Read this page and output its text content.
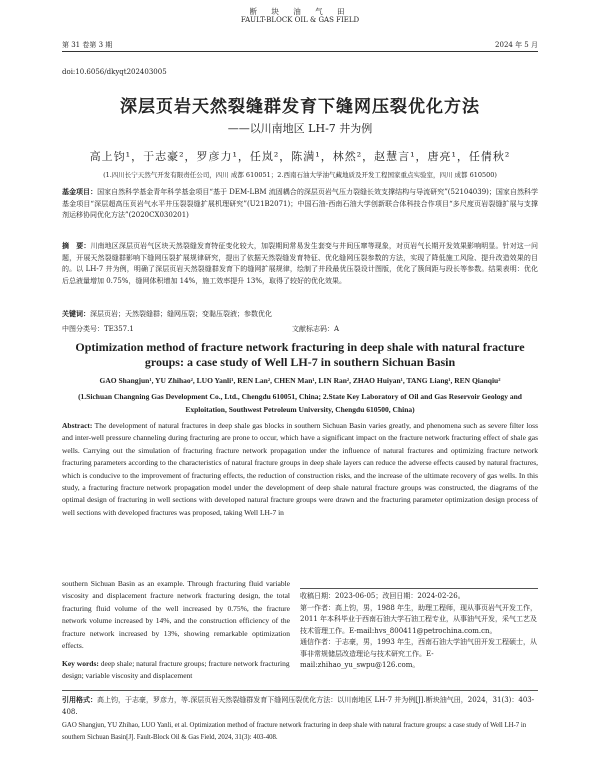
断 块 油 气 田
FAULT-BLOCK OIL & GAS FIELD
第 31 卷第 3 期	2024 年 5 月
doi:10.6056/dkyqt202403005
深层页岩天然裂缝群发育下缝网压裂优化方法
——以川南地区 LH-7 井为例
高上钧¹，于志豪²，罗彦力¹，任岚²，陈满¹，林然²，赵慧言¹，唐亮¹，任倩秋²
(1.四川长宁天然气开发有限责任公司，四川 成都 610051；2.西南石油大学油气藏地质及开发工程国家重点实验室，四川 成都 610500)
基金项目：国家自然科学基金青年科学基金项目“基于 DEM-LBM 流固耦合的深层页岩气压力裂缝长效支撑结构与导流研究”(52104039)；国家自然科学基金项目“深层超高压页岩气水平井压裂裂缝扩展机理研究”(U21B2071)；中国石油-西南石油大学创新联合体科技合作项目“多尺度页岩裂缝扩展与支撑剂运移协同优化方法”(2020CX030201)
摘　要：川南地区深层页岩气区块天然裂缝发育特征变化较大，加裂期间常易发生套变与井间压窜等现象，对页岩气长期开发效果影响明显。针对这一问题，开展天然裂缝群影响下缝网压裂扩展规律研究，提出了依据天然裂缝发育特征、优化缝网压裂参数的方法，实现了降低施工风险、提升改造效果的目的。以 LH-7 井为例，明确了深层页岩天然裂缝群发育下的缝网扩展规律，绘制了井段最优压裂设计图版，优化了簇间距与段长等参数。结果表明：优化后总液量增加 0.75%，缝网体积增加 14%，施工效率提升 13%，取得了较好的优化效果。
关键词：深层页岩；天然裂缝群；缝网压裂；变黏压裂液；参数优化
中图分类号：TE357.1	文献标志码：A
Optimization method of fracture network fracturing in deep shale with natural fracture groups: a case study of Well LH-7 in southern Sichuan Basin
GAO Shangjun¹, YU Zhihao², LUO Yanli¹, REN Lan², CHEN Man¹, LIN Ran², ZHAO Huiyan¹, TANG Liang¹, REN Qianqiu²
(1.Sichuan Changning Gas Development Co., Ltd., Chengdu 610051, China; 2.State Key Laboratory of Oil and Gas Reservoir Geology and Exploitation, Southwest Petroleum University, Chengdu 610500, China)
Abstract: The development of natural fractures in deep shale gas blocks in southern Sichuan Basin varies greatly, and phenomena such as severe filter loss and inter-well pressure channeling during fracturing are prone to occur, which have a significant impact on the fracture network fracturing effect of shale gas wells. Carrying out the simulation of fracturing fracture network propagation under the influence of natural fractures and optimizing fracture network fracturing parameters according to the characteristics of natural fracture groups in deep shale layers can reduce the adverse effects caused by natural fractures, which is conducive to the improvement of fracturing effects, the reduction of construction risks, and the increase of the ultimate recovery of gas wells. In this study, a fracturing fracture network propagation model under the development of deep shale natural fracture groups was constructed, the diagrams of the optimal design of fracturing in well sections with developed natural fracture groups were drawn and the fracturing parameter optimization design process of well sections with developed fractures was proposed, taking Well LH-7 in
southern Sichuan Basin as an example. Through fracturing fluid variable viscosity and displacement fracture network fracturing design, the total fracturing fluid volume of the well increased by 0.75%, the fracture network volume increased by 14%, and the construction efficiency of the fracture network increased by 13%, showing remarkable optimization effects.
Key words: deep shale; natural fracture groups; fracture network fracturing design; variable viscosity and displacement
收稿日期：2023-06-05；改回日期：2024-02-26。
第一作者：高上钧，男，1988 年生，助理工程师，现从事页岩气开发工作，2011 年本科毕业于西南石油大学石油工程专业，从事油气开发，采气工艺及技术管理工作。E-mail:hvs_800411@petrochina.com.cn。
通信作者：于志豪，男，1993 年生，西南石油大学油气田开发工程硕士，从事非常规储层改造理论与技术研究工作。E-mail:zhihao_yu_swpu@126.com。
引用格式：高上钧，于志豪，罗彦力，等.深层页岩天然裂缝群发育下缝网压裂优化方法：以川南地区 LH-7 井为例[J].断块油气田，2024，31(3)：403-408.
GAO Shangjun, YU Zhihao, LUO Yanli, et al. Optimization method of fracture network fracturing in deep shale with natural fracture groups: a case study of Well LH-7 in southern Sichuan Basin[J]. Fault-Block Oil & Gas Field, 2024, 31(3): 403-408.
